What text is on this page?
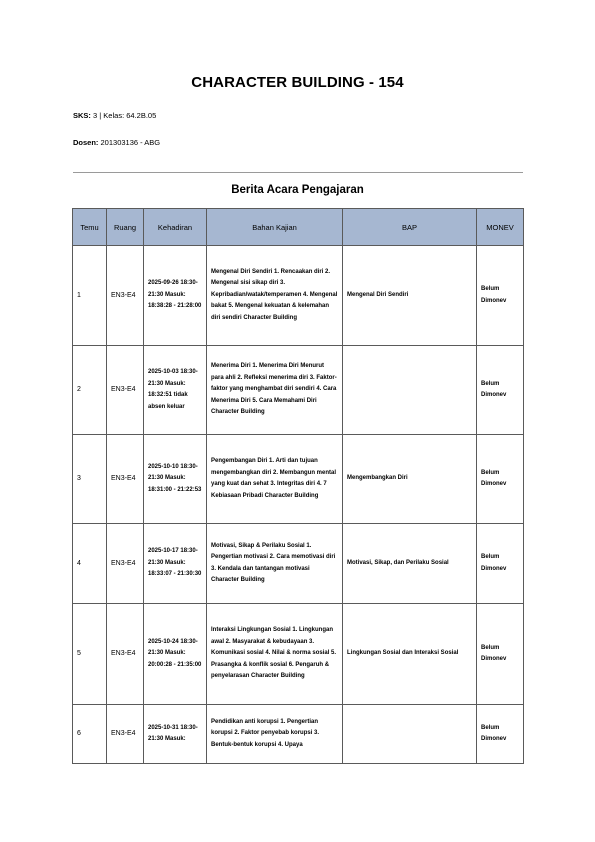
CHARACTER BUILDING - 154
SKS: 3 | Kelas: 64.2B.05
Dosen: 201303136 - ABG
Berita Acara Pengajaran
Temu	Ruang	Kehadiran	Bahan Kajian	BAP	MONEV
1	EN3-E4	2025-09-26 18:30-21:30 Masuk: 18:38:28 - 21:28:00	Mengenal Diri Sendiri 1. Rencaakan diri 2. Mengenal sisi sikap diri 3. Kepribadian/watak/temperamen 4. Mengenal bakat 5. Mengenal kekuatan & kelemahan diri sendiri Character Building	Mengenal Diri Sendiri	Belum Dimonev
2	EN3-E4	2025-10-03 18:30-21:30 Masuk: 18:32:51 tidak absen keluar	Menerima Diri 1. Menerima Diri Menurut para ahli 2. Refleksi menerima diri 3. Faktor-faktor yang menghambat diri sendiri 4. Cara Menerima Diri 5. Cara Memahami Diri Character Building		Belum Dimonev
3	EN3-E4	2025-10-10 18:30-21:30 Masuk: 18:31:00 - 21:22:53	Pengembangan Diri 1. Arti dan tujuan mengembangkan diri 2. Membangun mental yang kuat dan sehat 3. Integritas diri 4. 7 Kebiasaan Pribadi Character Building	Mengembangkan Diri	Belum Dimonev
4	EN3-E4	2025-10-17 18:30-21:30 Masuk: 18:33:07 - 21:30:30	Motivasi, Sikap & Perilaku Sosial 1. Pengertian motivasi 2. Cara memotivasi diri 3. Kendala dan tantangan motivasi Character Building	Motivasi, Sikap, dan Perilaku Sosial	Belum Dimonev
5	EN3-E4	2025-10-24 18:30-21:30 Masuk: 20:00:28 - 21:35:00	Interaksi Lingkungan Sosial 1. Lingkungan awal 2. Masyarakat & kebudayaan 3. Komunikasi sosial 4. Nilai & norma sosial 5. Prasangka & konflik sosial 6. Pengaruh & penyelarasan Character Building	Lingkungan Sosial dan Interaksi Sosial	Belum Dimonev
6	EN3-E4	2025-10-31 18:30-21:30 Masuk:	Pendidikan anti korupsi 1. Pengertian korupsi 2. Faktor penyebab korupsi 3. Bentuk-bentuk korupsi 4. Upaya		Belum Dimonev
